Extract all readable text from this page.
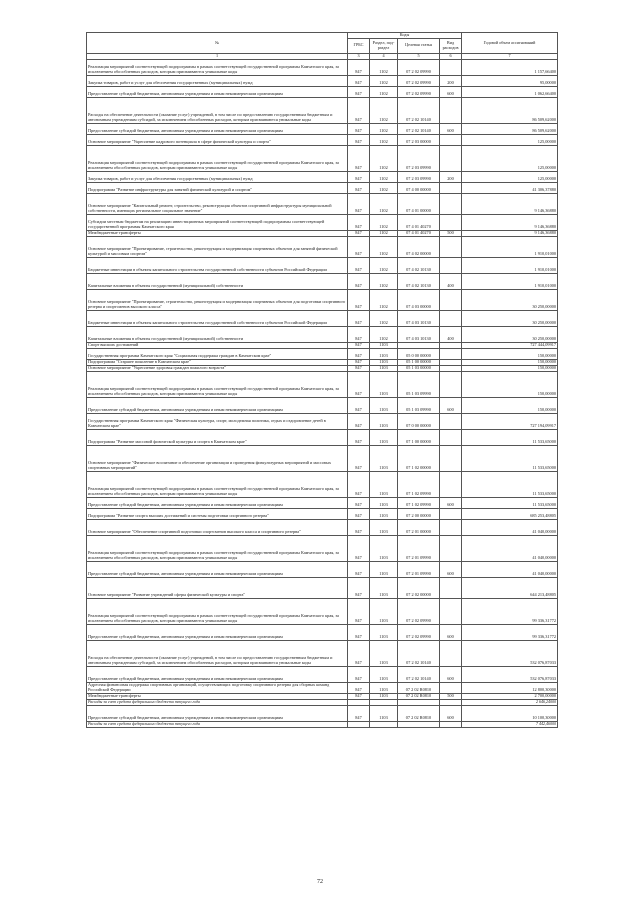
№	Коды				Годовой объем ассигнований
	ГРБС	Раздел, под-раздел	Целевая статья	Вид расходов	
1	3	4	5	6	7
Реализация мероприятий соответствующей подпрограммы в рамках соответствующей государственной программы Камчатского края, за исключением обособленных расходов, которым присваиваются уникальные коды	847	1102	07 2 02 09990		1 157,66400
Закупка товаров, работ и услуг для обеспечения государственных (муниципальных) нужд	847	1102	07 2 02 09990	200	95,00000
Предоставление субсидий бюджетным, автономным учреждениям и иным некоммерческим организациям	847	1102	07 2 02 09990	600	1 062,66400
Расходы на обеспечение деятельности (оказание услуг) учреждений, в том числе по предоставлению государственным бюджетным и автономным учреждениям субсидий, за исключением обособленных расходов, которым присваиваются уникальные коды	847	1102	07 2 02 10140		86 509,62000
Предоставление субсидий бюджетным, автономным учреждениям и иным некоммерческим организациям	847	1102	07 2 02 10140	600	86 509,62000
Основное мероприятие "Укрепление кадрового потенциала в сфере физической культуры и спорта"	847	1102	07 2 03 00000		125,00000
Реализация мероприятий соответствующей подпрограммы в рамках соответствующей государственной программы Камчатского края, за исключением обособленных расходов, которым присваиваются уникальные коды	847	1102	07 2 03 09990		125,00000
Закупка товаров, работ и услуг для обеспечения государственных (муниципальных) нужд	847	1102	07 2 03 09990	200	125,00000
Подпрограмма "Развитие инфраструктуры для занятий физической культурой и спортом"	847	1102	07 4 00 00000		41 306,37880
Основное мероприятие "Капитальный ремонт, строительство, реконструкция объектов спортивной инфраструктуры муниципальной собственности, имеющих региональное социальное значение"	847	1102	07 4 01 00000		9 146,36880
Субсидии местным бюджетам на реализацию инвестиционных мероприятий соответствующей подпрограммы соответствующей государственной программы Камчатского края	847	1102	07 4 01 40270		9 146,36880
Межбюджетные трансферты	847	1102	07 4 01 40270	500	9 146,36880
Основное мероприятие "Проектирование, строительство, реконструкция и модернизация спортивных объектов для занятий физической культурой и массовым спортом"	847	1102	07 4 02 00000		1 910,01000
Бюджетные инвестиции в объекты капитального строительства государственной собственности субъектов Российской Федерации	847	1102	07 4 02 10130		1 910,01000
Капитальные вложения в объекты государственной (муниципальной) собственности	847	1102	07 4 02 10130	400	1 910,01000
Основное мероприятие "Проектирование, строительство, реконструкция и модернизация спортивных объектов для подготовки спортивного резерва и спортсменов высокого класса"	847	1102	07 4 03 00000		30 250,00000
Бюджетные инвестиции в объекты капитального строительства государственной собственности субъектов Российской Федерации	847	1102	07 4 03 10130		30 250,00000
Капитальные вложения в объекты государственной (муниципальной) собственности	847	1102	07 4 03 10130	400	30 250,00000
Спорт высших достижений	847	1103			727 444,09917
Государственная программа Камчатского края "Социальная поддержка граждан в Камчатском крае"	847	1103	05 0 00 00000		150,00000
Подпрограмма "Старшее поколение в Камчатском крае"	847	1103	05 1 00 00000		150,00000
Основное мероприятие "Укрепление здоровья граждан пожилого возраста"	847	1103	05 1 03 00000		150,00000
Реализация мероприятий соответствующей подпрограммы в рамках соответствующей государственной программы Камчатского края, за исключением обособленных расходов, которым присваиваются уникальные коды	847	1103	05 1 03 09990		150,00000
Предоставление субсидий бюджетным, автономным учреждениям и иным некоммерческим организациям	847	1103	05 1 03 09990	600	150,00000
Государственная программа Камчатского края "Физическая культура, спорт, молодежная политика, отдых и оздоровление детей в Камчатском крае"	847	1103	07 0 00 00000		727 194,09917
Подпрограмма "Развитие массовой физической культуры и спорта в Камчатском крае"	847	1103	07 1 00 00000		11 533,65000
Основное мероприятие "Физическое воспитание и обеспечение организации и проведения физкультурных мероприятий и массовых спортивных мероприятий"	847	1103	07 1 02 00000		11 533,65000
Реализация мероприятий соответствующей подпрограммы в рамках соответствующей государственной программы Камчатского края, за исключением обособленных расходов, которым присваиваются уникальные коды	847	1103	07 1 02 09990		11 533,65000
Предоставление субсидий бюджетным, автономным учреждениям и иным некоммерческим организациям	847	1103	07 1 02 09990	600	11 533,65000
Подпрограмма "Развитие спорта высших достижений и системы подготовки спортивного резерва"	847	1103	07 2 00 00000		685 253,48805
Основное мероприятие "Обеспечение спортивной подготовки спортсменов высокого класса и спортивного резерва"	847	1103	07 2 01 00000		41 040,00000
Реализация мероприятий соответствующей подпрограммы в рамках соответствующей государственной программы Камчатского края, за исключением обособленных расходов, которым присваиваются уникальные коды	847	1103	07 2 01 09990		41 040,00000
Предоставление субсидий бюджетным, автономным учреждениям и иным некоммерческим организациям	847	1103	07 2 01 09990	600	41 040,00000
Основное мероприятие "Развитие учреждений сферы физической культуры и спорта"	847	1103	07 2 02 00000		644 213,48805
Реализация мероприятий соответствующей подпрограммы в рамках соответствующей государственной программы Камчатского края, за исключением обособленных расходов, которым присваиваются уникальные коды	847	1103	07 2 02 09990		99 336,31772
Предоставление субсидий бюджетным, автономным учреждениям и иным некоммерческим организациям	847	1103	07 2 02 09990	600	99 336,31772
Расходы на обеспечение деятельности (оказание услуг) учреждений, в том числе по предоставлению государственным бюджетным и автономным учреждениям субсидий, за исключением обособленных расходов, которым присваиваются уникальные коды	847	1103	07 2 02 10140		532 076,87033
Предоставление субсидий бюджетным, автономным учреждениям и иным некоммерческим организациям	847	1103	07 2 02 10140	600	532 076,87033
Адресная финансовая поддержка спортивных организаций, осуществляющих подготовку спортивного резерва для сборных команд Российской Федерации	847	1103	07 2 02 R0810		12 800,30000
Межбюджетные трансферты	847	1103	07 2 02 R0810	500	2 700,00000
Расходы за счет средств федерального бюджета текущего года					2 646,24000
Предоставление субсидий бюджетным, автономным учреждениям и иным некоммерческим организациям	847	1103	07 2 02 R0810	600	10 100,30000
Расходы за счет средств федерального бюджета текущего года					7 442,46000
72
